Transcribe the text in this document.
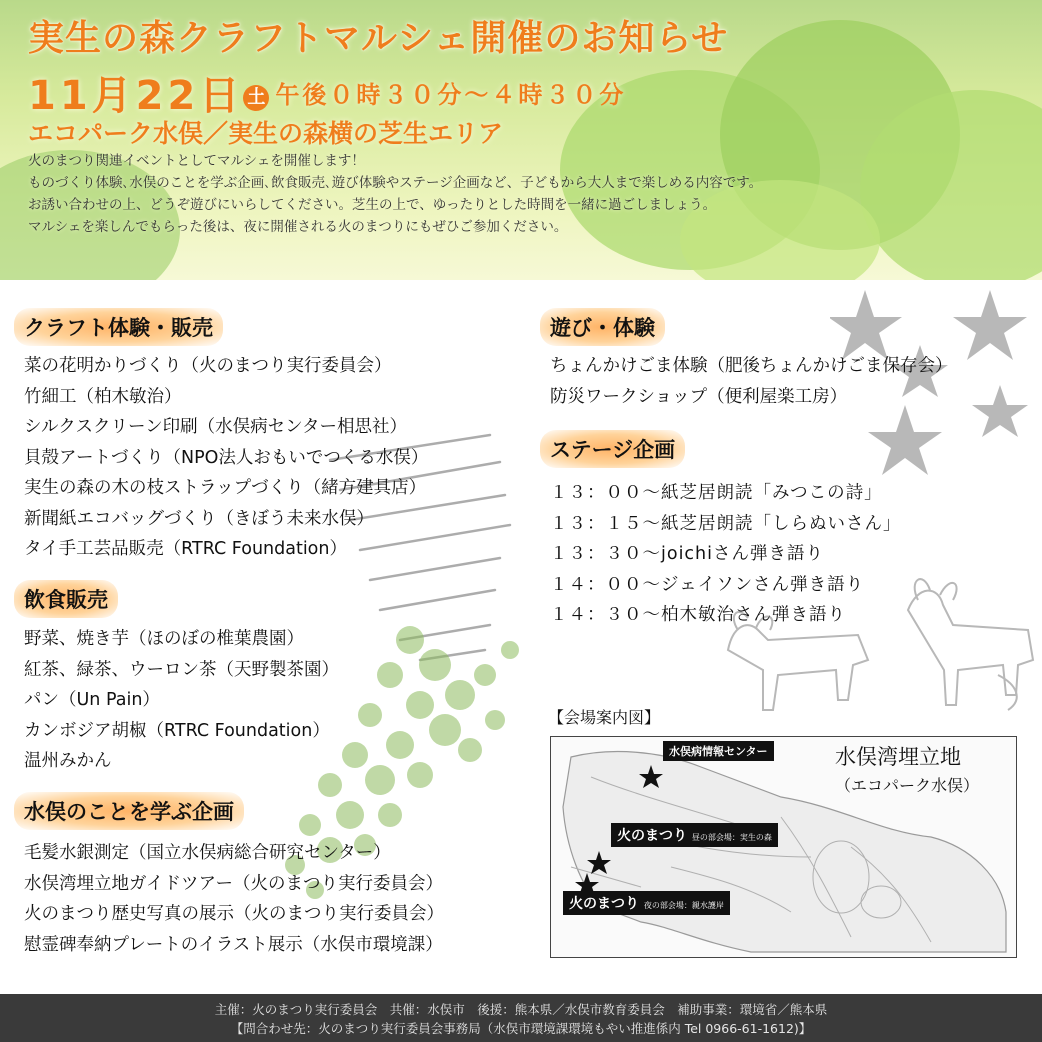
実生の森クラフトマルシェ開催のお知らせ
11月22日 土 午後０時３０分〜４時３０分
エコパーク水俣／実生の森横の芝生エリア
火のまつり関連イベントとしてマルシェを開催します！
ものづくり体験､水俣のことを学ぶ企画､飲食販売､遊び体験やステージ企画など、子どもから大人まで楽しめる内容です。
お誘い合わせの上、どうぞ遊びにいらしてください。芝生の上で、ゆったりとした時間を一緒に過ごしましょう。
マルシェを楽しんでもらった後は、夜に開催される火のまつりにもぜひご参加ください。
クラフト体験・販売
菜の花明かりづくり（火のまつり実行委員会）
竹細工（柏木敏治）
シルクスクリーン印刷（水俣病センター相思社）
貝殻アートづくり（NPO法人おもいでつくる水俣）
実生の森の木の枝ストラップづくり（緒方建具店）
新聞紙エコバッグづくり（きぼう未来水俣）
タイ手工芸品販売（RTRC Foundation）
飲食販売
野菜、焼き芋（ほのぼの椎葉農園）
紅茶、緑茶、ウーロン茶（天野製茶園）
パン（Un Pain）
カンボジア胡椒（RTRC Foundation）
温州みかん
水俣のことを学ぶ企画
毛髪水銀測定（国立水俣病総合研究センター）
水俣湾埋立地ガイドツアー（火のまつり実行委員会）
火のまつり歴史写真の展示（火のまつり実行委員会）
慰霊碑奉納プレートのイラスト展示（水俣市環境課）
遊び・体験
ちょんかけごま体験（肥後ちょんかけごま保存会）
防災ワークショップ（便利屋楽工房）
ステージ企画
１３：００〜紙芝居朗読「みつこの詩」
１３：１５〜紙芝居朗読「しらぬいさん」
１３：３０〜joichiさん弾き語り
１４：００〜ジェイソンさん弾き語り
１４：３０〜柏木敏治さん弾き語り
【会場案内図】
水俣病情報センター
火のまつり 昼の部会場：実生の森
火のまつり 夜の部会場：親水護岸
水俣湾埋立地
（エコパーク水俣）
主催：火のまつり実行委員会　共催：水俣市　後援：熊本県／水俣市教育委員会　補助事業：環境省／熊本県
【問合わせ先：火のまつり実行委員会事務局（水俣市環境課環境もやい推進係内 Tel 0966-61-1612)】
